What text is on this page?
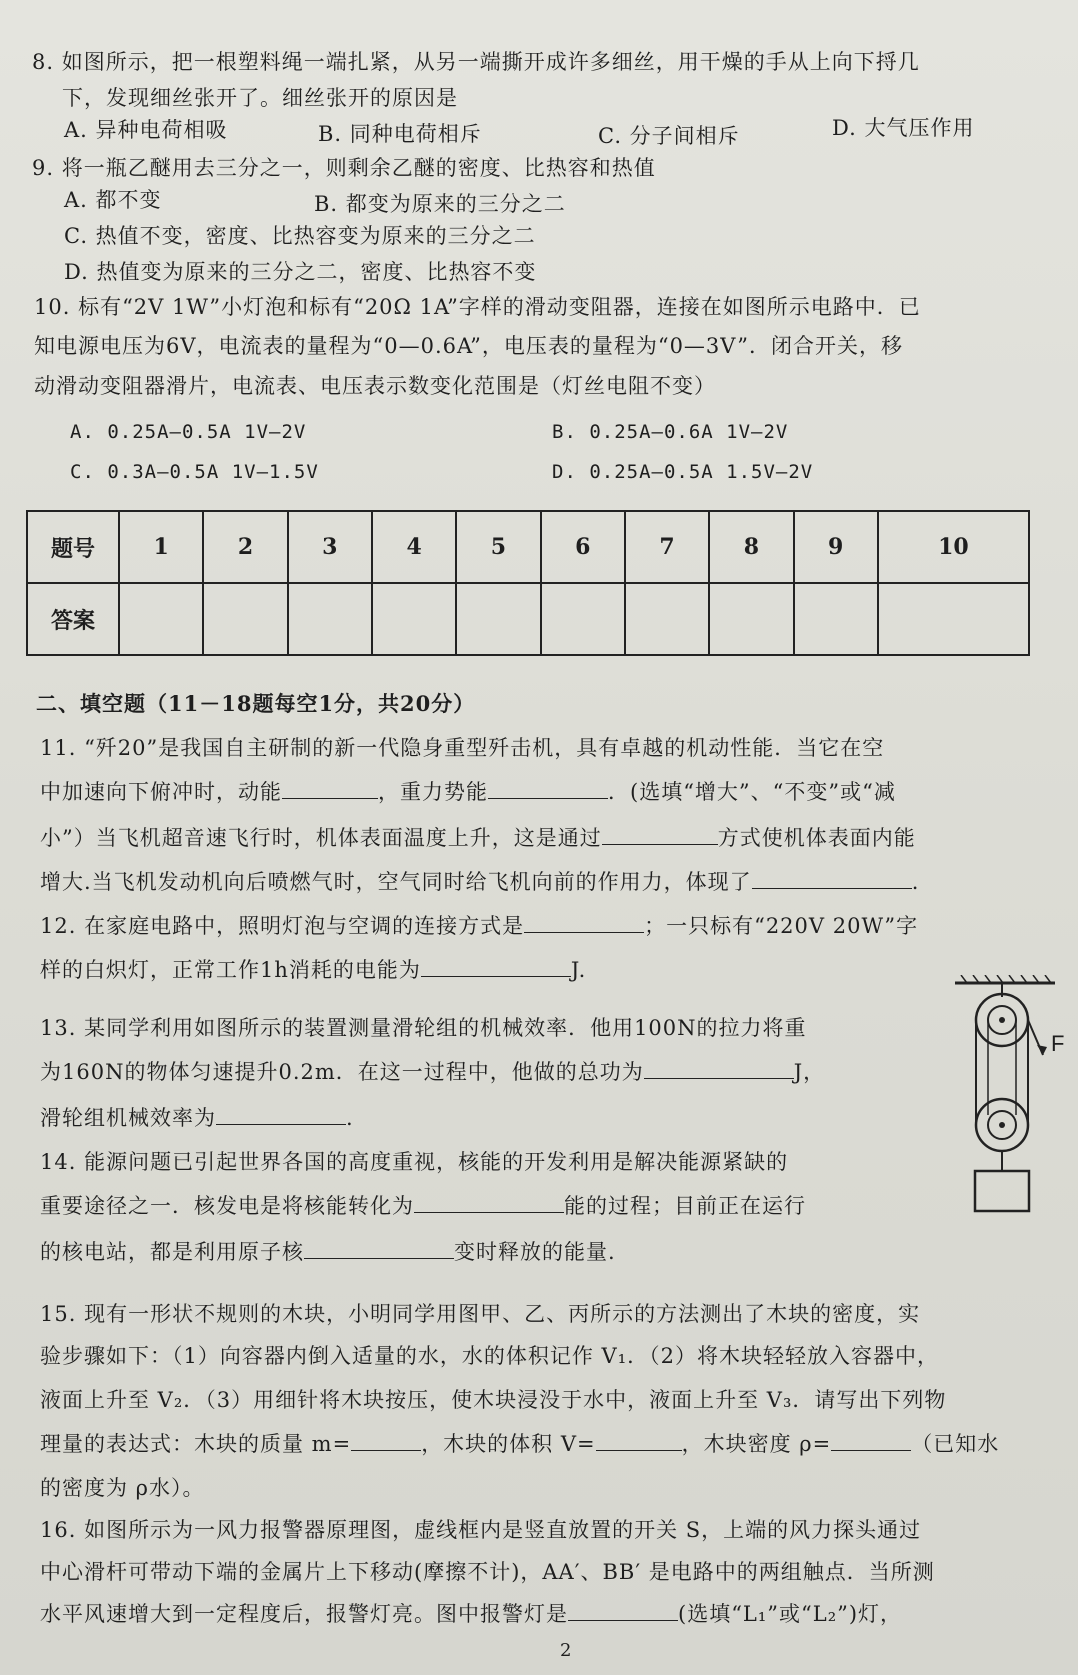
8. 如图所示，把一根塑料绳一端扎紧，从另一端撕开成许多细丝，用干燥的手从上向下捋几
下，发现细丝张开了。细丝张开的原因是
A. 异种电荷相吸	B. 同种电荷相斥	C. 分子间相斥	D. 大气压作用
9. 将一瓶乙醚用去三分之一，则剩余乙醚的密度、比热容和热值
A. 都不变	B. 都变为原来的三分之二
C. 热值不变，密度、比热容变为原来的三分之二
D. 热值变为原来的三分之二，密度、比热容不变
10. 标有“2V 1W”小灯泡和标有“20Ω 1A”字样的滑动变阻器，连接在如图所示电路中．已
知电源电压为6V，电流表的量程为“0—0.6A”，电压表的量程为“0—3V”．闭合开关，移
动滑动变阻器滑片，电流表、电压表示数变化范围是（灯丝电阻不变）
A. 0.25A—0.5A 1V—2V	B. 0.25A—0.6A 1V—2V
C. 0.3A—0.5A 1V—1.5V	D. 0.25A—0.5A 1.5V—2V
题号	1	2	3	4	5	6	7	8	9	10
答案										
二、填空题（11－18题每空1分，共20分）
11. “歼20”是我国自主研制的新一代隐身重型歼击机，具有卓越的机动性能．当它在空
中加速向下俯冲时，动能	，重力势能	．(选填“增大”、“不变”或“减
小”）当飞机超音速飞行时，机体表面温度上升，这是通过	方式使机体表面内能
增大.当飞机发动机向后喷燃气时，空气同时给飞机向前的作用力，体现了	.
12. 在家庭电路中，照明灯泡与空调的连接方式是	；一只标有“220V 20W”字
样的白炽灯，正常工作1h消耗的电能为	J.
13. 某同学利用如图所示的装置测量滑轮组的机械效率．他用100N的拉力将重
为160N的物体匀速提升0.2m．在这一过程中，他做的总功为	J，
滑轮组机械效率为	.
F
14. 能源问题已引起世界各国的高度重视，核能的开发利用是解决能源紧缺的
重要途径之一．核发电是将核能转化为	能的过程；目前正在运行
的核电站，都是利用原子核	变时释放的能量.
15. 现有一形状不规则的木块，小明同学用图甲、乙、丙所示的方法测出了木块的密度，实
验步骤如下：（1）向容器内倒入适量的水，水的体积记作 V₁．（2）将木块轻轻放入容器中，
液面上升至 V₂．（3）用细针将木块按压，使木块浸没于水中，液面上升至 V₃．请写出下列物
理量的表达式：木块的质量 m=	，木块的体积 V=	，木块密度 ρ=	（已知水
的密度为 ρ水）。
16. 如图所示为一风力报警器原理图，虚线框内是竖直放置的开关 S，上端的风力探头通过
中心滑杆可带动下端的金属片上下移动(摩擦不计)，AA′、BB′ 是电路中的两组触点．当所测
水平风速增大到一定程度后，报警灯亮。图中报警灯是	(选填“L₁”或“L₂”)灯，
2
